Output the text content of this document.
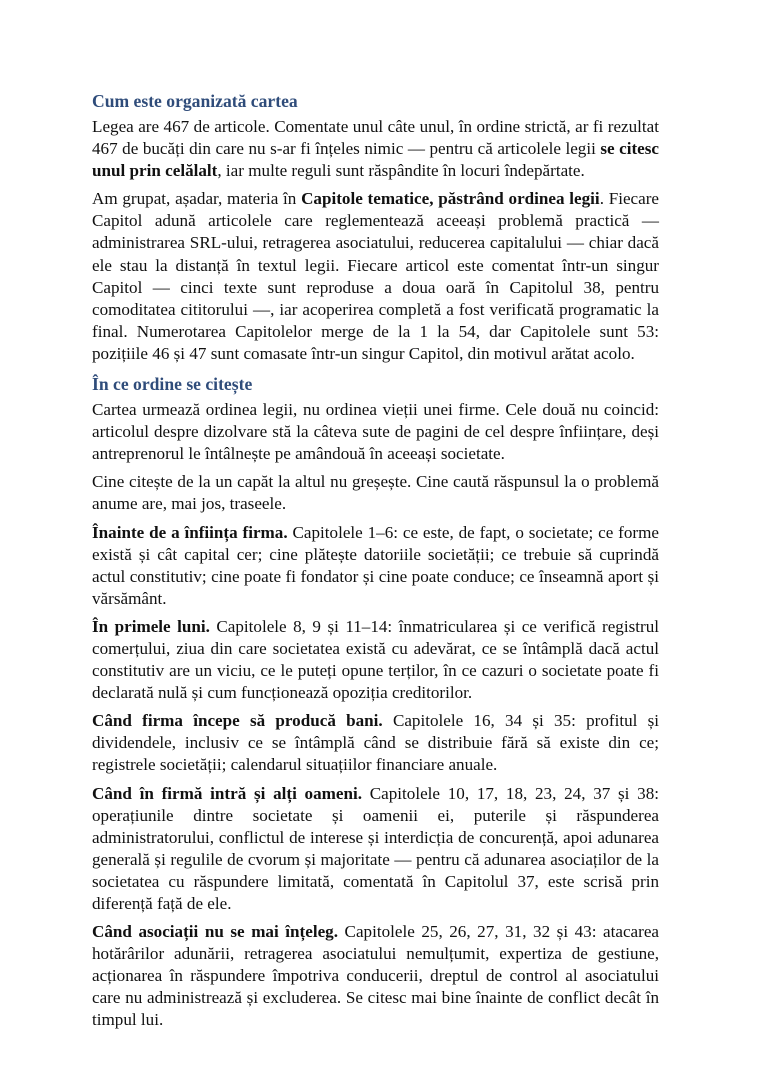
Cum este organizată cartea

Legea are 467 de articole. Comentate unul câte unul, în ordine strictă, ar fi rezultat 467 de bucăți din care nu s-ar fi înțeles nimic — pentru că articolele legii se citesc unul prin celălalt, iar multe reguli sunt răspândite în locuri îndepărtate.

Am grupat, așadar, materia în Capitole tematice, păstrând ordinea legii. Fiecare Capitol adună articolele care reglementează aceeași problemă practică — administrarea SRL-ului, retragerea asociatului, reducerea capitalului — chiar dacă ele stau la distanță în textul legii. Fiecare articol este comentat într-un singur Capitol — cinci texte sunt reproduse a doua oară în Capitolul 38, pentru comoditatea cititorului —, iar acoperirea completă a fost verificată programatic la final. Numerotarea Capitolelor merge de la 1 la 54, dar Capitolele sunt 53: pozițiile 46 și 47 sunt comasate într-un singur Capitol, din motivul arătat acolo.

În ce ordine se citește

Cartea urmează ordinea legii, nu ordinea vieții unei firme. Cele două nu coincid: articolul despre dizolvare stă la câteva sute de pagini de cel despre înființare, deși antreprenorul le întâlnește pe amândouă în aceeași societate.

Cine citește de la un capăt la altul nu greșește. Cine caută răspunsul la o problemă anume are, mai jos, traseele.

Înainte de a înființa firma. Capitolele 1–6: ce este, de fapt, o societate; ce forme există și cât capital cer; cine plătește datoriile societății; ce trebuie să cuprindă actul constitutiv; cine poate fi fondator și cine poate conduce; ce înseamnă aport și vărsământ.

În primele luni. Capitolele 8, 9 și 11–14: înmatricularea și ce verifică registrul comerțului, ziua din care societatea există cu adevărat, ce se întâmplă dacă actul constitutiv are un viciu, ce le puteți opune terților, în ce cazuri o societate poate fi declarată nulă și cum funcționează opoziția creditorilor.

Când firma începe să producă bani. Capitolele 16, 34 și 35: profitul și dividendele, inclusiv ce se întâmplă când se distribuie fără să existe din ce; registrele societății; calendarul situațiilor financiare anuale.

Când în firmă intră și alți oameni. Capitolele 10, 17, 18, 23, 24, 37 și 38: operațiunile dintre societate și oamenii ei, puterile și răspunderea administratorului, conflictul de interese și interdicția de concurență, apoi adunarea generală și regulile de cvorum și majoritate — pentru că adunarea asociaților de la societatea cu răspundere limitată, comentată în Capitolul 37, este scrisă prin diferență față de ele.

Când asociații nu se mai înțeleg. Capitolele 25, 26, 27, 31, 32 și 43: atacarea hotărârilor adunării, retragerea asociatului nemulțumit, expertiza de gestiune, acționarea în răspundere împotriva conducerii, dreptul de control al asociatului care nu administrează și excluderea. Se citesc mai bine înainte de conflict decât în timpul lui.
